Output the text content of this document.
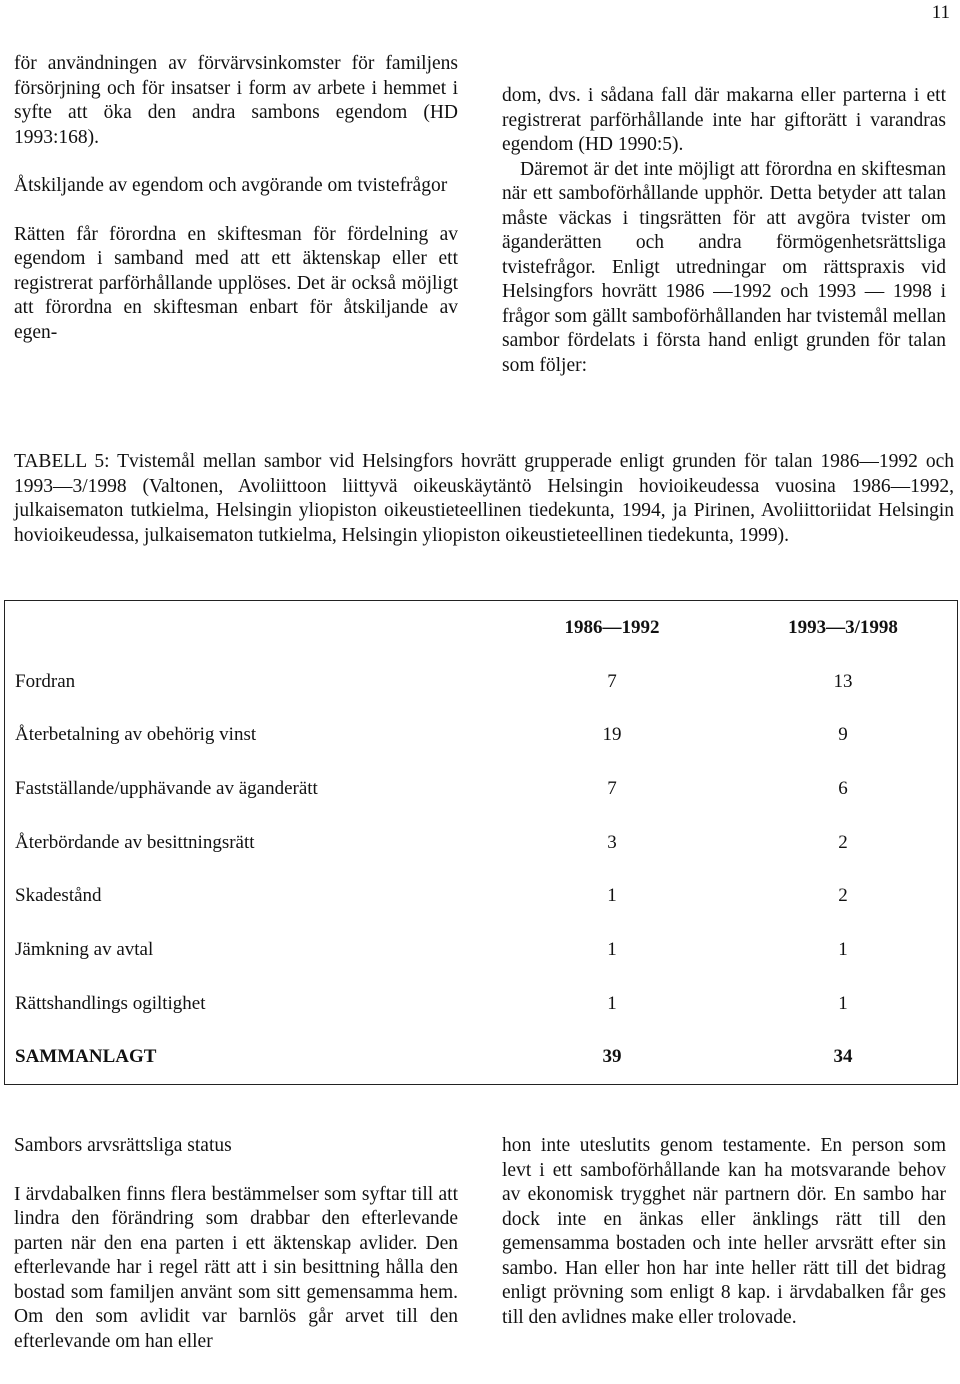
11

för användningen av förvärvsinkomster för familjens försörjning och för insatser i form av arbete i hemmet i syfte att öka den andra sambons egendom (HD 1993:168).

Åtskiljande av egendom och avgörande om tvistefrågor

Rätten får förordna en skiftesman för fördelning av egendom i samband med att ett äktenskap eller ett registrerat parförhållande upplöses. Det är också möjligt att förordna en skiftesman enbart för åtskiljande av egen-

dom, dvs. i sådana fall där makarna eller parterna i ett registrerat parförhållande inte har giftorätt i varandras egendom (HD 1990:5).

Däremot är det inte möjligt att förordna en skiftesman när ett samboförhållande upphör. Detta betyder att talan måste väckas i tingsrätten för att avgöra tvister om äganderätten och andra förmögenhetsrättsliga tvistefrågor. Enligt utredningar om rättspraxis vid Helsingfors hovrätt 1986 —1992 och 1993 — 1998 i frågor som gällt samboförhållanden har tvistemål mellan sambor fördelats i första hand enligt grunden för talan som följer:

TABELL 5: Tvistemål mellan sambor vid Helsingfors hovrätt grupperade enligt grunden för talan 1986—1992 och 1993—3/1998 (Valtonen, Avoliittoon liittyvä oikeuskäytäntö Helsingin hovioikeudessa vuosina 1986—1992, julkaisematon tutkielma, Helsingin yliopiston oikeustieteellinen tiedekunta, 1994, ja Pirinen, Avoliittoriidat Helsingin hovioikeudessa, julkaisematon tutkielma, Helsingin yliopiston oikeustieteellinen tiedekunta, 1999).

	1986—1992	1993—3/1998
Fordran	7	13
Återbetalning av obehörig vinst	19	9
Fastställande/upphävande av äganderätt	7	6
Återbördande av besittningsrätt	3	2
Skadestånd	1	2
Jämkning av avtal	1	1
Rättshandlings ogiltighet	1	1
SAMMANLAGT	39	34
Sambors arvsrättsliga status

I ärvdabalken finns flera bestämmelser som syftar till att lindra den förändring som drabbar den efterlevande parten när den ena parten i ett äktenskap avlider. Den efterlevande har i regel rätt att i sin besittning hålla den bostad som familjen använt som sitt gemensamma hem. Om den som avlidit var barnlös går arvet till den efterlevande om han eller

hon inte uteslutits genom testamente. En person som levt i ett samboförhållande kan ha motsvarande behov av ekonomisk trygghet när partnern dör. En sambo har dock inte en änkas eller änklings rätt till den gemensamma bostaden och inte heller arvsrätt efter sin sambo. Han eller hon har inte heller rätt till det bidrag enligt prövning som enligt 8 kap. i ärvdabalken får ges till den avlidnes make eller trolovade.
